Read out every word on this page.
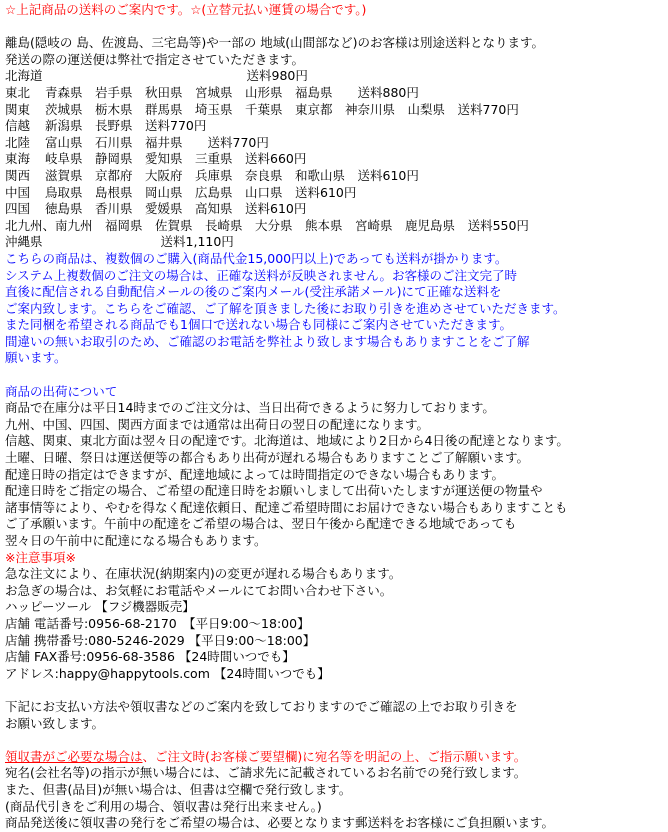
☆上記商品の送料のご案内です。☆(立替元払い運賃の場合です。)
離島(隠岐の 島、佐渡島、三宅島等)や一部の 地域(山間部など)のお客様は別途送料となります。
発送の際の運送便は弊社で指定させていただきます。
北海道	送料980円
東北 青森県　岩手県　秋田県　宮城県　山形県　福島県　　 送料880円
関東 茨城県　栃木県　群馬県　埼玉県　千葉県　東京都　神奈川県　山梨県　 送料770円
信越 新潟県　長野県　 送料770円
北陸 富山県　石川県　福井県　　 送料770円
東海 岐阜県　静岡県　愛知県　三重県　 送料660円
関西 滋賀県　京都府　大阪府　兵庫県　奈良県　和歌山県　 送料610円
中国 鳥取県　島根県　岡山県　広島県　山口県　 送料610円
四国 徳島県　香川県　愛媛県　高知県　 送料610円
北九州、南九州　 福岡県　佐賀県　長崎県　大分県　熊本県　宮崎県　鹿児島県　 送料550円
沖縄県	送料1,110円
こちらの商品は、複数個のご購入(商品代金15,000円以上)であっても送料が掛かります。
システム上複数個のご注文の場合は、正確な送料が反映されません。お客様のご注文完了時
直後に配信される自動配信メールの後のご案内メール(受注承諾メール)にて正確な送料を
ご案内致します。こちらをご確認、ご了解を頂きました後にお取り引きを進めさせていただきます。
また同梱を希望される商品でも1個口で送れない場合も同様にご案内させていただきます。
間違いの無いお取引のため、ご確認のお電話を弊社より致します場合もありますことをご了解
願います。
商品の出荷について
商品で在庫分は平日14時までのご注文分は、当日出荷できるように努力しております。
九州、中国、四国、関西方面までは通常は出荷日の翌日の配達になります。
信越、関東、東北方面は翌々日の配達です。北海道は、地域により2日から4日後の配達となります。
土曜、日曜、祭日は運送便等の都合もあり出荷が遅れる場合もありますことご了解願います。
配達日時の指定はできますが、配達地域によっては時間指定のできない場合もあります。
配達日時をご指定の場合、ご希望の配達日時をお願いしまして出荷いたしますが運送便の物量や
諸事情等により、やむを得なく配達依頼日、配達ご希望時間にお届けできない場合もありますことも
ご了承願います。午前中の配達をご希望の場合は、翌日午後から配達できる地域であっても
翌々日の午前中に配達になる場合もあります。
※注意事項※
急な注文により、在庫状況(納期案内)の変更が遅れる場合もあります。
お急ぎの場合は、お気軽にお電話やメールにてお問い合わせ下さい。
ハッピーツール 【フジ機器販売】
店舗 電話番号:0956-68-2170　【平日9:00～18:00】
店舗 携帯番号:080-5246-2029 【平日9:00～18:00】
店舗 FAX番号:0956-68-3586 【24時間いつでも】
アドレス:happy@happytools.com 【24時間いつでも】
下記にお支払い方法や領収書などのご案内を致しておりますのでご確認の上でお取り引きを
お願い致します。
領収書がご必要な場合は、ご注文時(お客様ご要望欄)に宛名等を明記の上、ご指示願います。
宛名(会社名等)の指示が無い場合には、ご請求先に記載されているお名前での発行致します。
また、但書(品目)が無い場合は、但書は空欄で発行致します。
(商品代引きをご利用の場合、領収書は発行出来ません。)
商品発送後に領収書の発行をご希望の場合は、必要となります郵送料をお客様にご負担願います。
